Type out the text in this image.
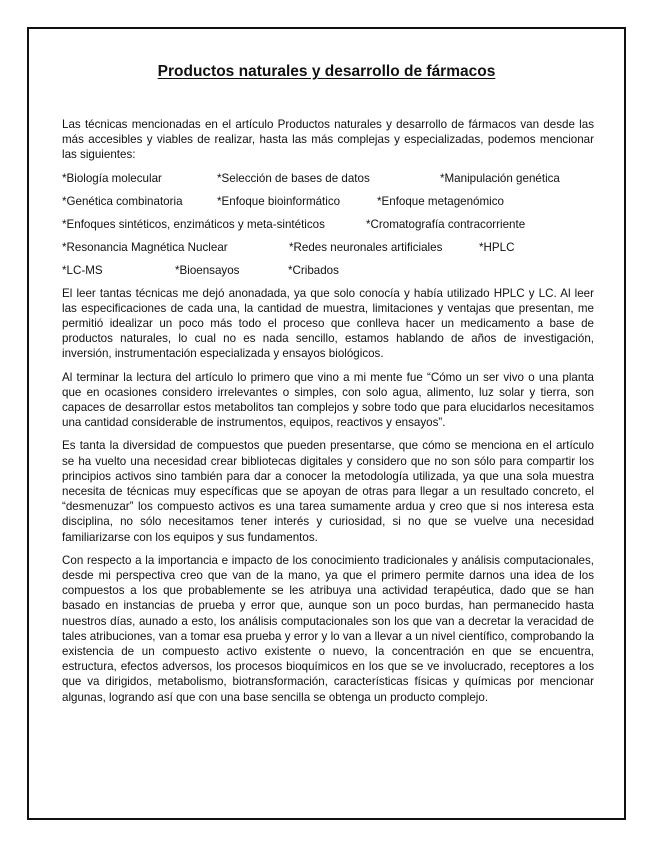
Productos naturales y desarrollo de fármacos

Las técnicas mencionadas en el artículo Productos naturales y desarrollo de fármacos van desde las más accesibles y viables de realizar, hasta las más complejas y especializadas, podemos mencionar las siguientes:

*Biología molecular	*Selección de bases de datos	*Manipulación genética
*Genética combinatoria	*Enfoque bioinformático	*Enfoque metagenómico
*Enfoques sintéticos, enzimáticos y meta-sintéticos	*Cromatografía contracorriente
*Resonancia Magnética Nuclear	*Redes neuronales artificiales	*HPLC
*LC-MS	*Bioensayos	*Cribados

El leer tantas técnicas me dejó anonadada, ya que solo conocía y había utilizado HPLC y LC. Al leer las especificaciones de cada una, la cantidad de muestra, limitaciones y ventajas que presentan, me permitió idealizar un poco más todo el proceso que conlleva hacer un medicamento a base de productos naturales, lo cual no es nada sencillo, estamos hablando de años de investigación, inversión, instrumentación especializada y ensayos biológicos.

Al terminar la lectura del artículo lo primero que vino a mi mente fue “Cómo un ser vivo o una planta que en ocasiones considero irrelevantes o simples, con solo agua, alimento, luz solar y tierra, son capaces de desarrollar estos metabolitos tan complejos y sobre todo que para elucidarlos necesitamos una cantidad considerable de instrumentos, equipos, reactivos y ensayos”.

Es tanta la diversidad de compuestos que pueden presentarse, que cómo se menciona en el artículo se ha vuelto una necesidad crear bibliotecas digitales y considero que no son sólo para compartir los principios activos sino también para dar a conocer la metodología utilizada, ya que una sola muestra necesita de técnicas muy específicas que se apoyan de otras para llegar a un resultado concreto, el “desmenuzar” los compuesto activos es una tarea sumamente ardua y creo que si nos interesa esta disciplina, no sólo necesitamos tener interés y curiosidad, si no que se vuelve una necesidad familiarizarse con los equipos y sus fundamentos.

Con respecto a la importancia e impacto de los conocimiento tradicionales y análisis computacionales, desde mi perspectiva creo que van de la mano, ya que el primero permite darnos una idea de los compuestos a los que probablemente se les atribuya una actividad terapéutica, dado que se han basado en instancias de prueba y error que, aunque son un poco burdas, han permanecido hasta nuestros días, aunado a esto, los análisis computacionales son los que van a decretar la veracidad de tales atribuciones, van a tomar esa prueba y error y lo van a llevar a un nivel científico, comprobando la existencia de un compuesto activo existente o nuevo, la concentración en que se encuentra, estructura, efectos adversos, los procesos bioquímicos en los que se ve involucrado, receptores a los que va dirigidos, metabolismo, biotransformación, características físicas y químicas por mencionar algunas, logrando así que con una base sencilla se obtenga un producto complejo.
